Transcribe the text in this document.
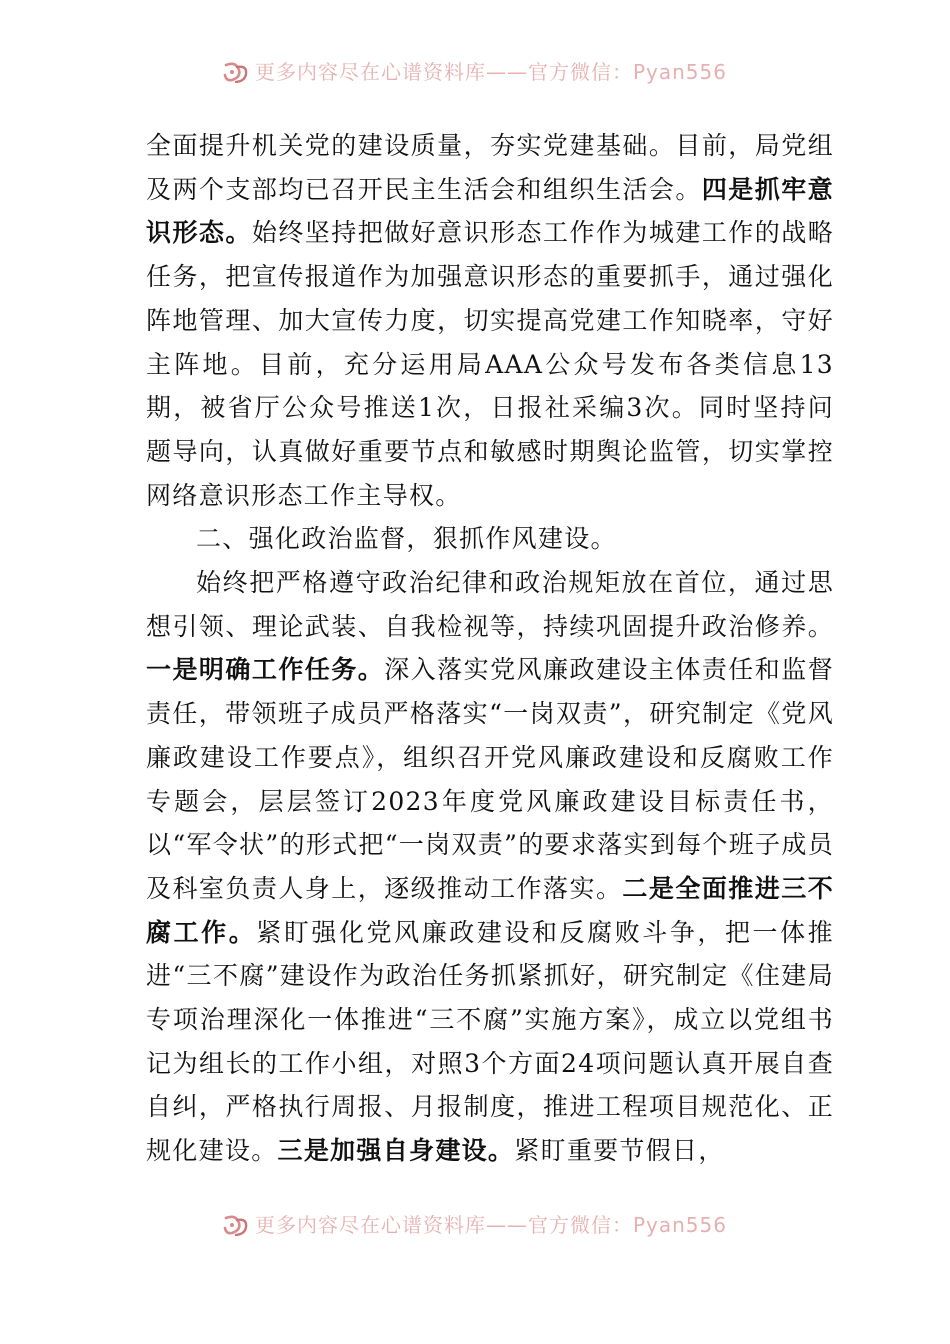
更多内容尽在心谱资料库——官方微信：Pyan556

全面提升机关党的建设质量，夯实党建基础。目前，局党组及两个支部均已召开民主生活会和组织生活会。四是抓牢意识形态。始终坚持把做好意识形态工作作为城建工作的战略任务，把宣传报道作为加强意识形态的重要抓手，通过强化阵地管理、加大宣传力度，切实提高党建工作知晓率，守好主阵地。目前，充分运用局AAA公众号发布各类信息13期，被省厅公众号推送1次，日报社采编3次。同时坚持问题导向，认真做好重要节点和敏感时期舆论监管，切实掌控网络意识形态工作主导权。

二、强化政治监督，狠抓作风建设。

始终把严格遵守政治纪律和政治规矩放在首位，通过思想引领、理论武装、自我检视等，持续巩固提升政治修养。一是明确工作任务。深入落实党风廉政建设主体责任和监督责任，带领班子成员严格落实“一岗双责”，研究制定《党风廉政建设工作要点》，组织召开党风廉政建设和反腐败工作专题会，层层签订2023年度党风廉政建设目标责任书，以“军令状”的形式把“一岗双责”的要求落实到每个班子成员及科室负责人身上，逐级推动工作落实。二是全面推进三不腐工作。紧盯强化党风廉政建设和反腐败斗争，把一体推进“三不腐”建设作为政治任务抓紧抓好，研究制定《住建局专项治理深化一体推进“三不腐”实施方案》，成立以党组书记为组长的工作小组，对照3个方面24项问题认真开展自查自纠，严格执行周报、月报制度，推进工程项目规范化、正规化建设。三是加强自身建设。紧盯重要节假日，

更多内容尽在心谱资料库——官方微信：Pyan556
